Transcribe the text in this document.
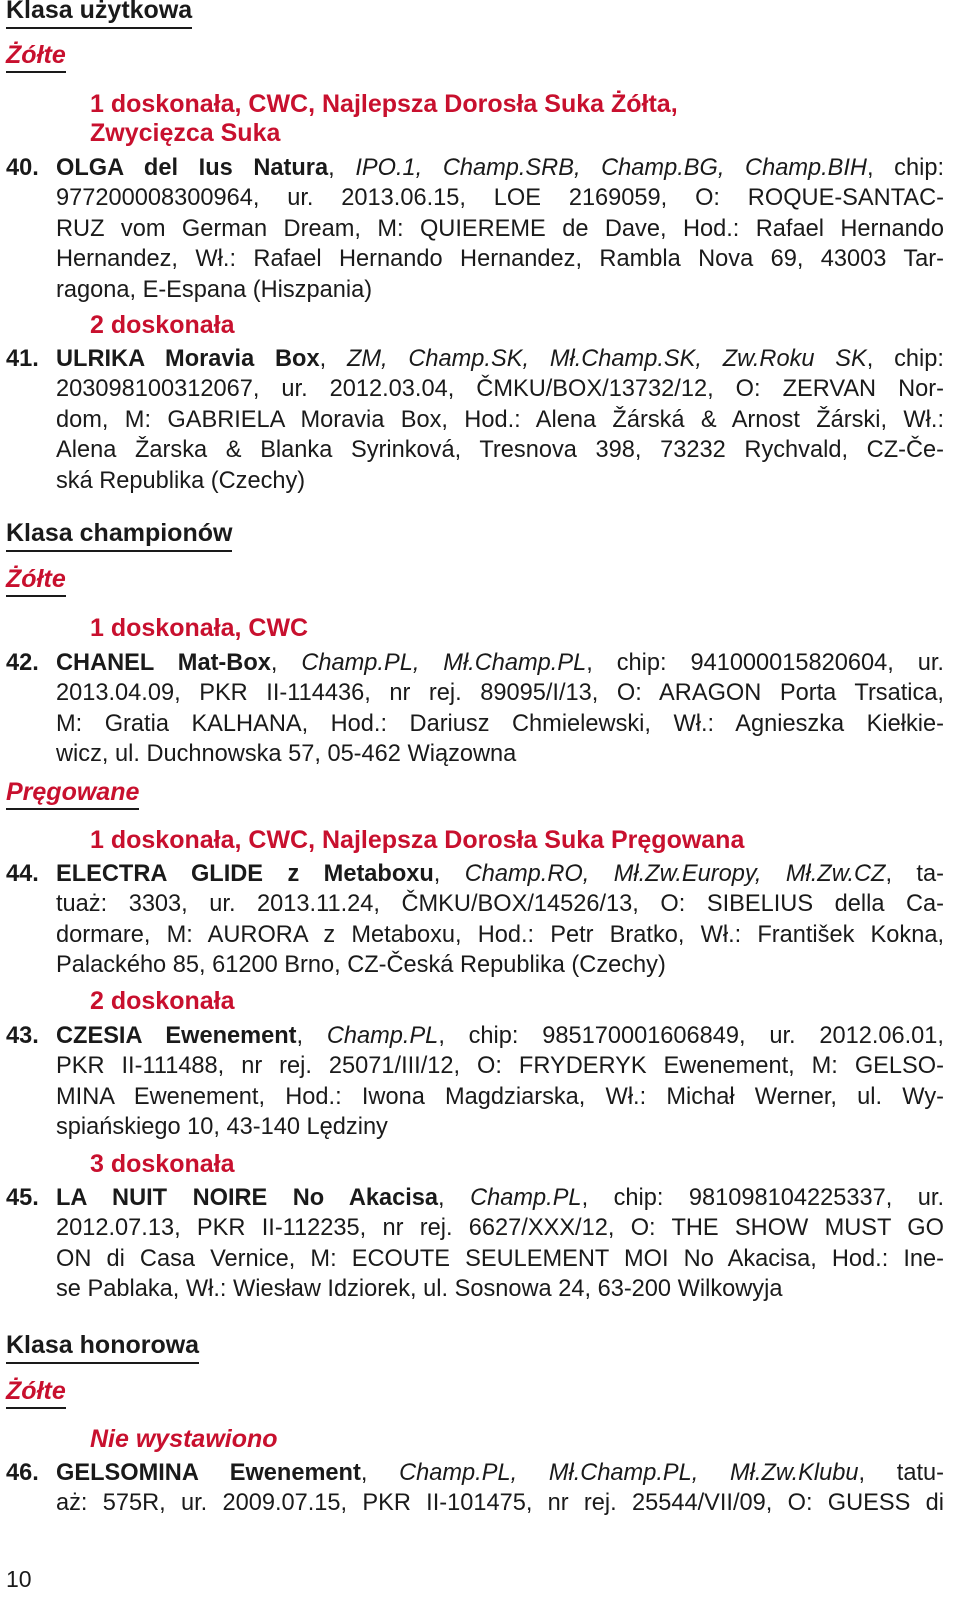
Klasa użytkowa
Żółte
1 doskonała, CWC, Najlepsza Dorosła Suka Żółta,
Zwycięzca Suka
40. OLGA del Ius Natura, IPO.1, Champ.SRB, Champ.BG, Champ.BIH, chip:
977200008300964, ur. 2013.06.15, LOE 2169059, O: ROQUE-SANTAC-
RUZ vom German Dream, M: QUIEREME de Dave, Hod.: Rafael Hernando
Hernandez, Wł.: Rafael Hernando Hernandez, Rambla Nova 69, 43003 Tar-
ragona, E-Espana (Hiszpania)
2 doskonała
41. ULRIKA Moravia Box, ZM, Champ.SK, Mł.Champ.SK, Zw.Roku SK, chip:
203098100312067, ur. 2012.03.04, ČMKU/BOX/13732/12, O: ZERVAN Nor-
dom, M: GABRIELA Moravia Box, Hod.: Alena Žárská & Arnost Žárski, Wł.:
Alena Žarska & Blanka Syrinková, Tresnova 398, 73232 Rychvald, CZ-Če-
ská Republika (Czechy)
Klasa championów
Żółte
1 doskonała, CWC
42. CHANEL Mat-Box, Champ.PL, Mł.Champ.PL, chip: 941000015820604, ur.
2013.04.09, PKR II-114436, nr rej. 89095/I/13, O: ARAGON Porta Trsatica,
M: Gratia KALHANA, Hod.: Dariusz Chmielewski, Wł.: Agnieszka Kiełkie-
wicz, ul. Duchnowska 57, 05-462 Wiązowna
Pręgowane
1 doskonała, CWC, Najlepsza Dorosła Suka Pręgowana
44. ELECTRA GLIDE z Metaboxu, Champ.RO, Mł.Zw.Europy, Mł.Zw.CZ, ta-
tuaż: 3303, ur. 2013.11.24, ČMKU/BOX/14526/13, O: SIBELIUS della Ca-
dormare, M: AURORA z Metaboxu, Hod.: Petr Bratko, Wł.: František Kokna,
Palackého 85, 61200 Brno, CZ-Česká Republika (Czechy)
2 doskonała
43. CZESIA Ewenement, Champ.PL, chip: 985170001606849, ur. 2012.06.01,
PKR II-111488, nr rej. 25071/III/12, O: FRYDERYK Ewenement, M: GELSO-
MINA Ewenement, Hod.: Iwona Magdziarska, Wł.: Michał Werner, ul. Wy-
spiańskiego 10, 43-140 Lędziny
3 doskonała
45. LA NUIT NOIRE No Akacisa, Champ.PL, chip: 981098104225337, ur.
2012.07.13, PKR II-112235, nr rej. 6627/XXX/12, O: THE SHOW MUST GO
ON di Casa Vernice, M: ECOUTE SEULEMENT MOI No Akacisa, Hod.: Ine-
se Pablaka, Wł.: Wiesław Idziorek, ul. Sosnowa 24, 63-200 Wilkowyja
Klasa honorowa
Żółte
Nie wystawiono
46. GELSOMINA Ewenement, Champ.PL, Mł.Champ.PL, Mł.Zw.Klubu, tatu-
aż: 575R, ur. 2009.07.15, PKR II-101475, nr rej. 25544/VII/09, O: GUESS di
10
